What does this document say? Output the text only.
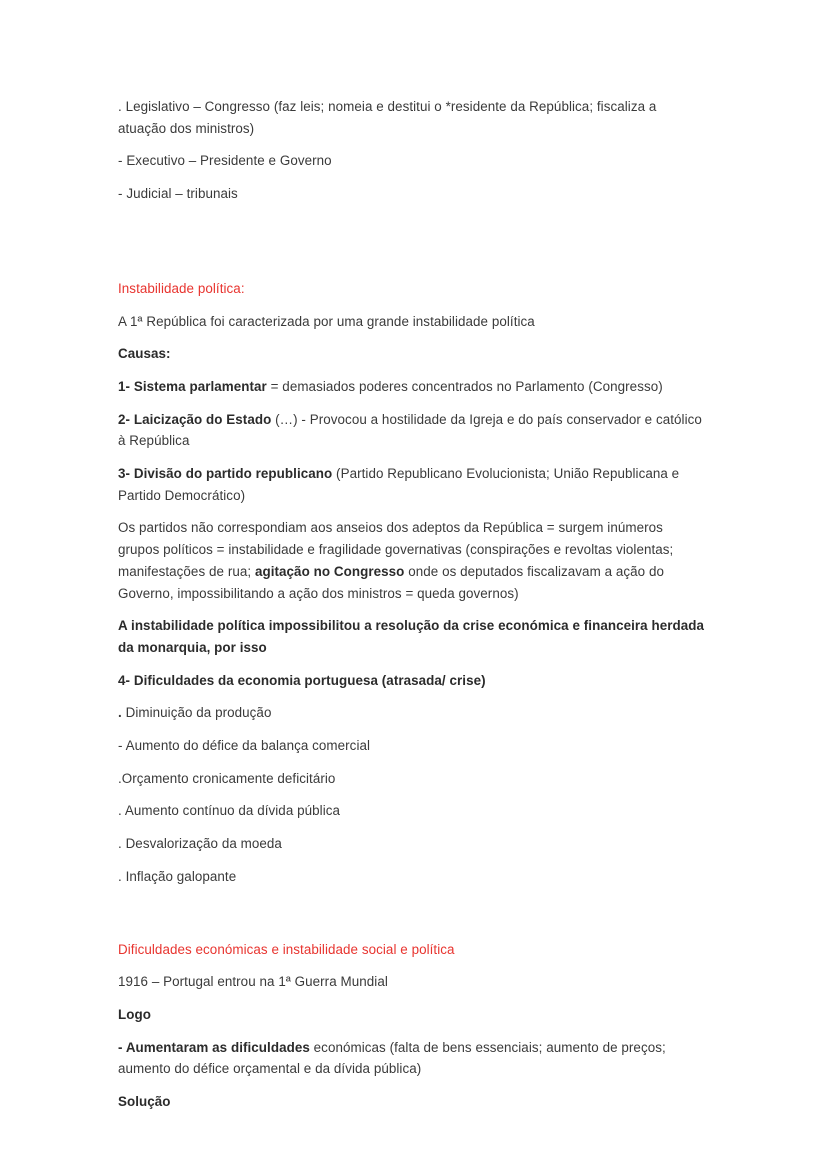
. Legislativo – Congresso (faz leis; nomeia e destitui o *residente da República; fiscaliza a atuação dos ministros)

- Executivo – Presidente e Governo

- Judicial – tribunais

Instabilidade política:

A 1ª República foi caracterizada por uma grande instabilidade política

Causas:

1- Sistema parlamentar = demasiados poderes concentrados no Parlamento (Congresso)

2- Laicização do Estado (…) - Provocou a hostilidade da Igreja e do país conservador e católico à República

3- Divisão do partido republicano (Partido Republicano Evolucionista; União Republicana e Partido Democrático)

Os partidos não correspondiam aos anseios dos adeptos da República = surgem inúmeros grupos políticos = instabilidade e fragilidade governativas (conspirações e revoltas violentas; manifestações de rua; agitação no Congresso onde os deputados fiscalizavam a ação do Governo, impossibilitando a ação dos ministros = queda governos)

A instabilidade política impossibilitou a resolução da crise económica e financeira herdada da monarquia, por isso

4- Dificuldades da economia portuguesa (atrasada/ crise)

. Diminuição da produção

- Aumento do défice da balança comercial

.Orçamento cronicamente deficitário

. Aumento contínuo da dívida pública

. Desvalorização da moeda

. Inflação galopante

Dificuldades económicas e instabilidade social e política

1916 – Portugal entrou na 1ª Guerra Mundial

Logo

- Aumentaram as dificuldades económicas (falta de bens essenciais; aumento de preços; aumento do défice orçamental e da dívida pública)

Solução
